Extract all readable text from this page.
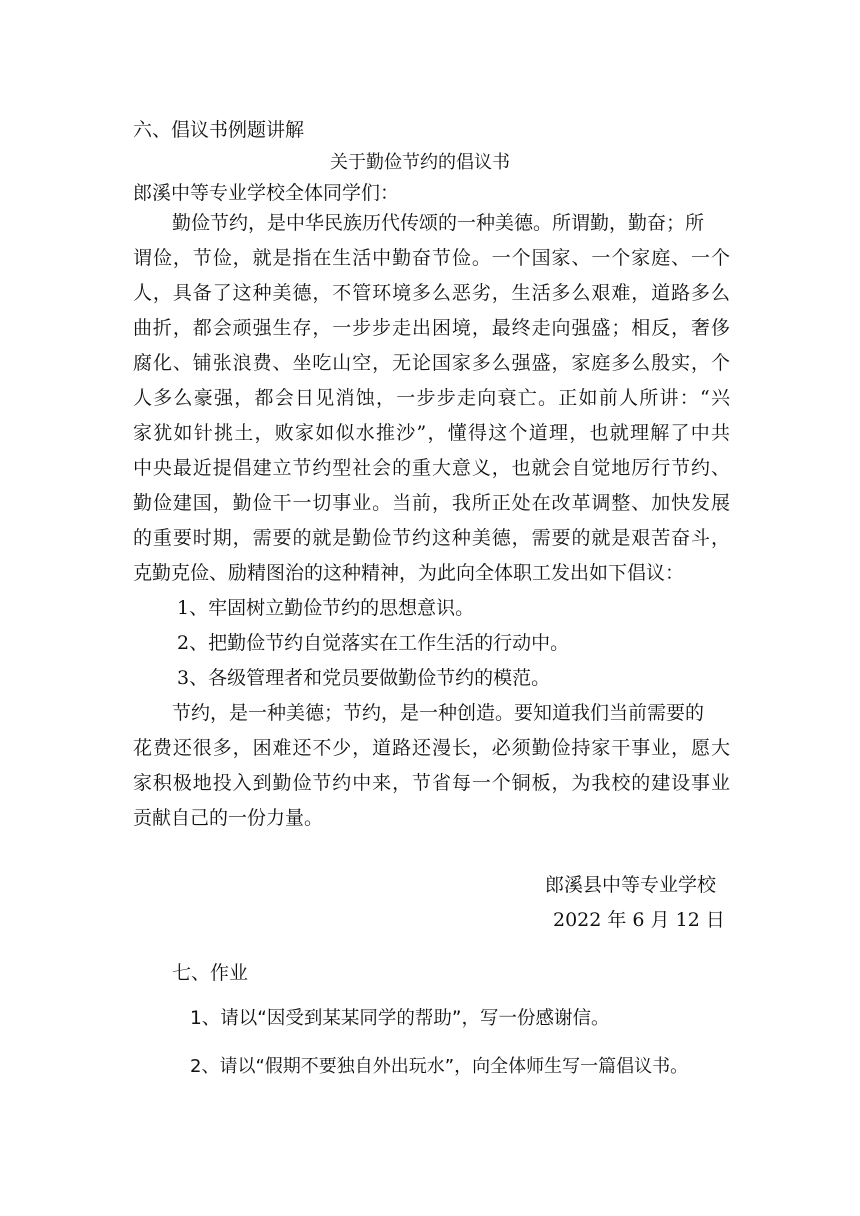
六、倡议书例题讲解
关于勤俭节约的倡议书
郎溪中等专业学校全体同学们：
勤俭节约，是中华民族历代传颂的一种美德。所谓勤，勤奋；所
谓俭，节俭，就是指在生活中勤奋节俭。一个国家、一个家庭、一个
人，具备了这种美德，不管环境多么恶劣，生活多么艰难，道路多么
曲折，都会顽强生存，一步步走出困境，最终走向强盛；相反，奢侈
腐化、铺张浪费、坐吃山空，无论国家多么强盛，家庭多么殷实，个
人多么豪强，都会日见消蚀，一步步走向衰亡。正如前人所讲：“兴
家犹如针挑土，败家如似水推沙”，懂得这个道理，也就理解了中共
中央最近提倡建立节约型社会的重大意义，也就会自觉地厉行节约、
勤俭建国，勤俭干一切事业。当前，我所正处在改革调整、加快发展
的重要时期，需要的就是勤俭节约这种美德，需要的就是艰苦奋斗，
克勤克俭、励精图治的这种精神，为此向全体职工发出如下倡议：
1、牢固树立勤俭节约的思想意识。
2、把勤俭节约自觉落实在工作生活的行动中。
3、各级管理者和党员要做勤俭节约的模范。
节约，是一种美德；节约，是一种创造。要知道我们当前需要的
花费还很多，困难还不少，道路还漫长，必须勤俭持家干事业，愿大
家积极地投入到勤俭节约中来，节省每一个铜板，为我校的建设事业
贡献自己的一份力量。
郎溪县中等专业学校
2022 年 6 月 12 日
七、作业
1、请以“因受到某某同学的帮助”，写一份感谢信。
2、请以“假期不要独自外出玩水”，向全体师生写一篇倡议书。
